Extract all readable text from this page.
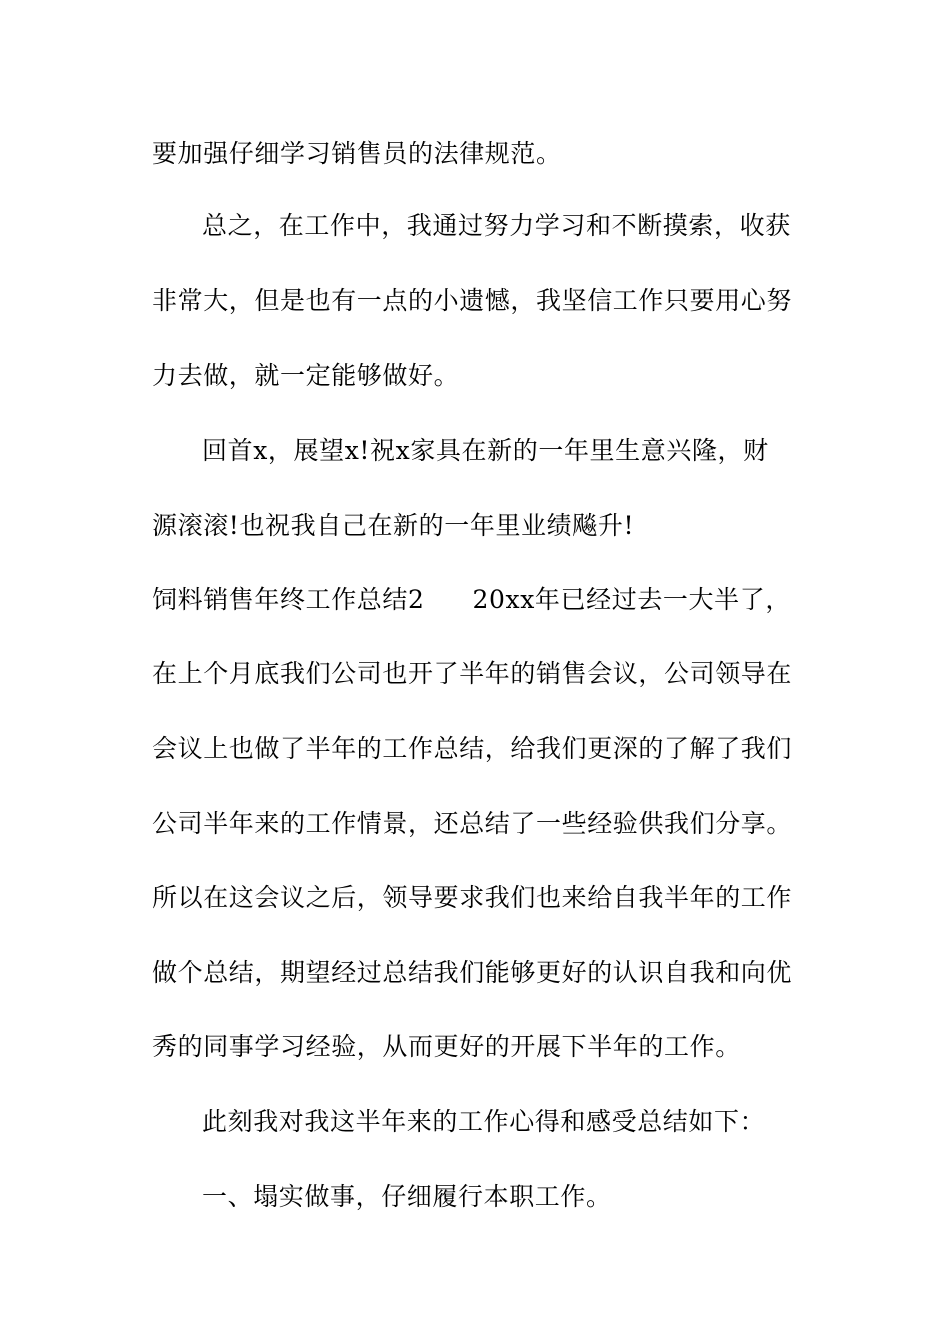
要加强仔细学习销售员的法律规范。
总之，在工作中，我通过努力学习和不断摸索，收获
非常大，但是也有一点的小遗憾，我坚信工作只要用心努
力去做，就一定能够做好。
回首x，展望x!祝x家具在新的一年里生意兴隆，财
源滚滚!也祝我自己在新的一年里业绩飚升!
饲料销售年终工作总结2 20xx年已经过去一大半了，
在上个月底我们公司也开了半年的销售会议，公司领导在
会议上也做了半年的工作总结，给我们更深的了解了我们
公司半年来的工作情景，还总结了一些经验供我们分享。
所以在这会议之后，领导要求我们也来给自我半年的工作
做个总结，期望经过总结我们能够更好的认识自我和向优
秀的同事学习经验，从而更好的开展下半年的工作。
此刻我对我这半年来的工作心得和感受总结如下：
一、塌实做事，仔细履行本职工作。
